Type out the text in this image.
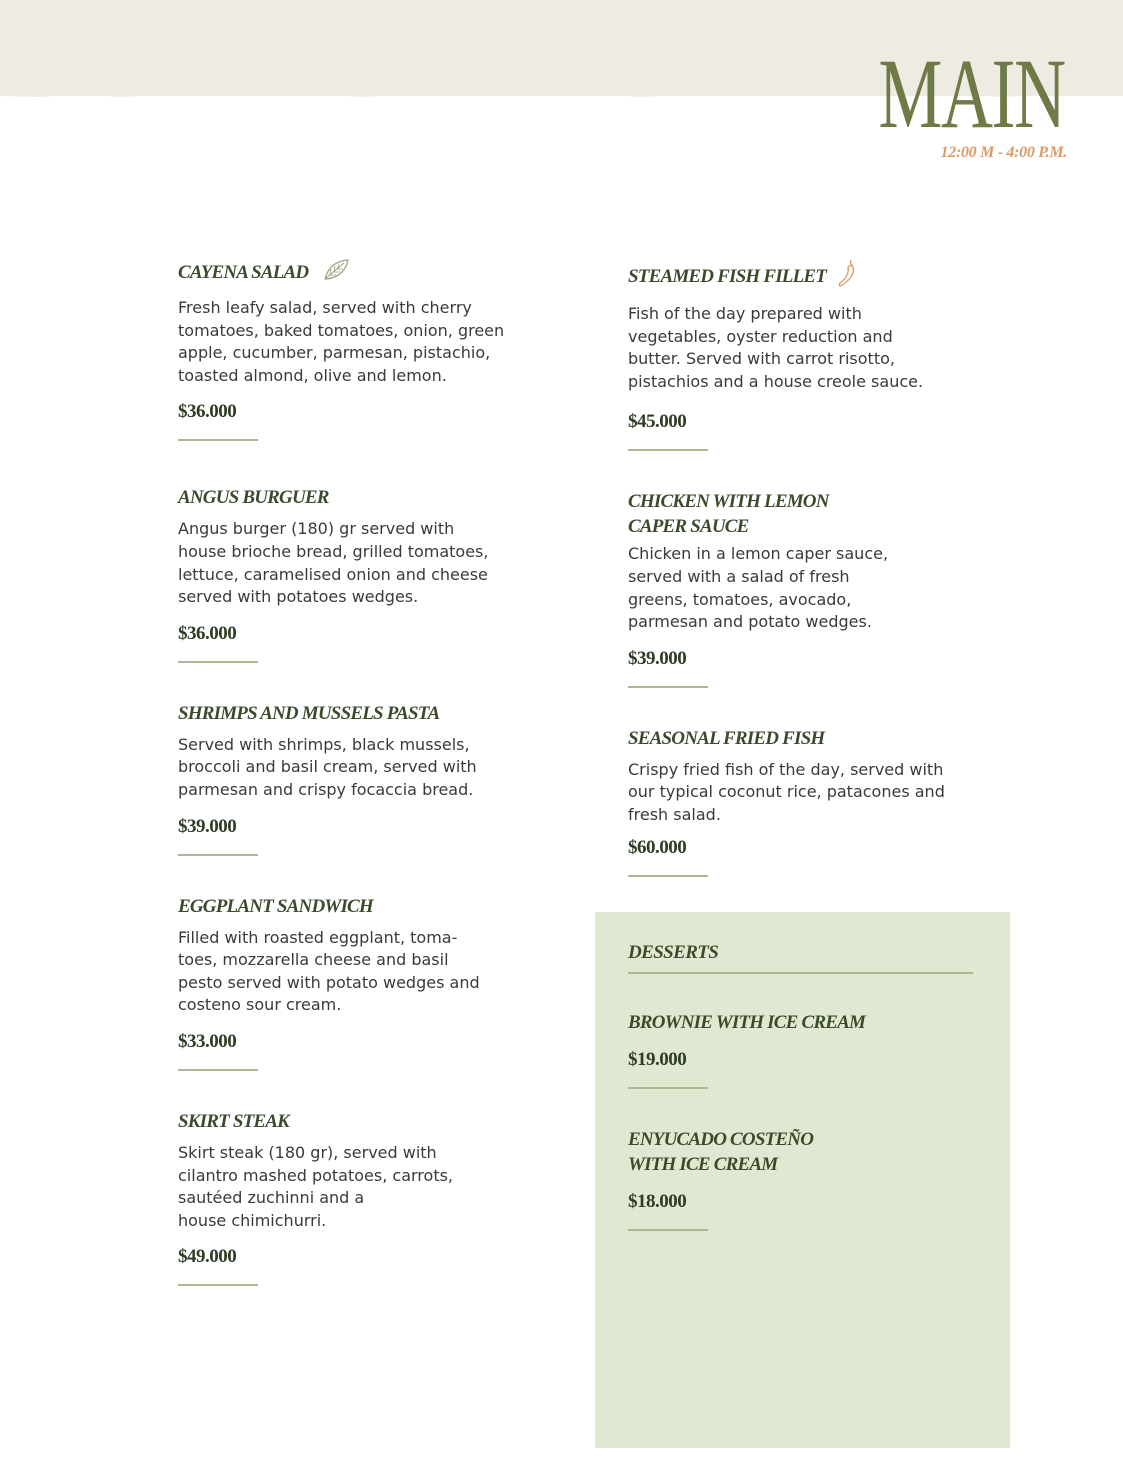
MAIN
12:00 M - 4:00 P.M.
CAYENA SALAD
Fresh leafy salad, served with cherry
tomatoes, baked tomatoes, onion, green
apple, cucumber, parmesan, pistachio,
toasted almond, olive and lemon.
$36.000
ANGUS BURGUER
Angus burger (180) gr served with
house brioche bread, grilled tomatoes,
lettuce, caramelised onion and cheese
served with potatoes wedges.
$36.000
SHRIMPS AND MUSSELS PASTA
Served with shrimps, black mussels,
broccoli and basil cream, served with
parmesan and crispy focaccia bread.
$39.000
EGGPLANT SANDWICH
Filled with roasted eggplant, toma-
toes, mozzarella cheese and basil
pesto served with potato wedges and
costeno sour cream.
$33.000
SKIRT STEAK
Skirt steak (180 gr), served with
cilantro mashed potatoes, carrots,
sautéed zuchinni and a
house chimichurri.
$49.000
STEAMED FISH FILLET
Fish of the day prepared with
vegetables, oyster reduction and
butter. Served with carrot risotto,
pistachios and a house creole sauce.
$45.000
CHICKEN WITH LEMON
CAPER SAUCE
Chicken in a lemon caper sauce,
served with a salad of fresh
greens, tomatoes, avocado,
parmesan and potato wedges.
$39.000
SEASONAL FRIED FISH
Crispy fried fish of the day, served with
our typical coconut rice, patacones and
fresh salad.
$60.000
DESSERTS
BROWNIE WITH ICE CREAM
$19.000
ENYUCADO COSTEÑO
WITH ICE CREAM
$18.000
